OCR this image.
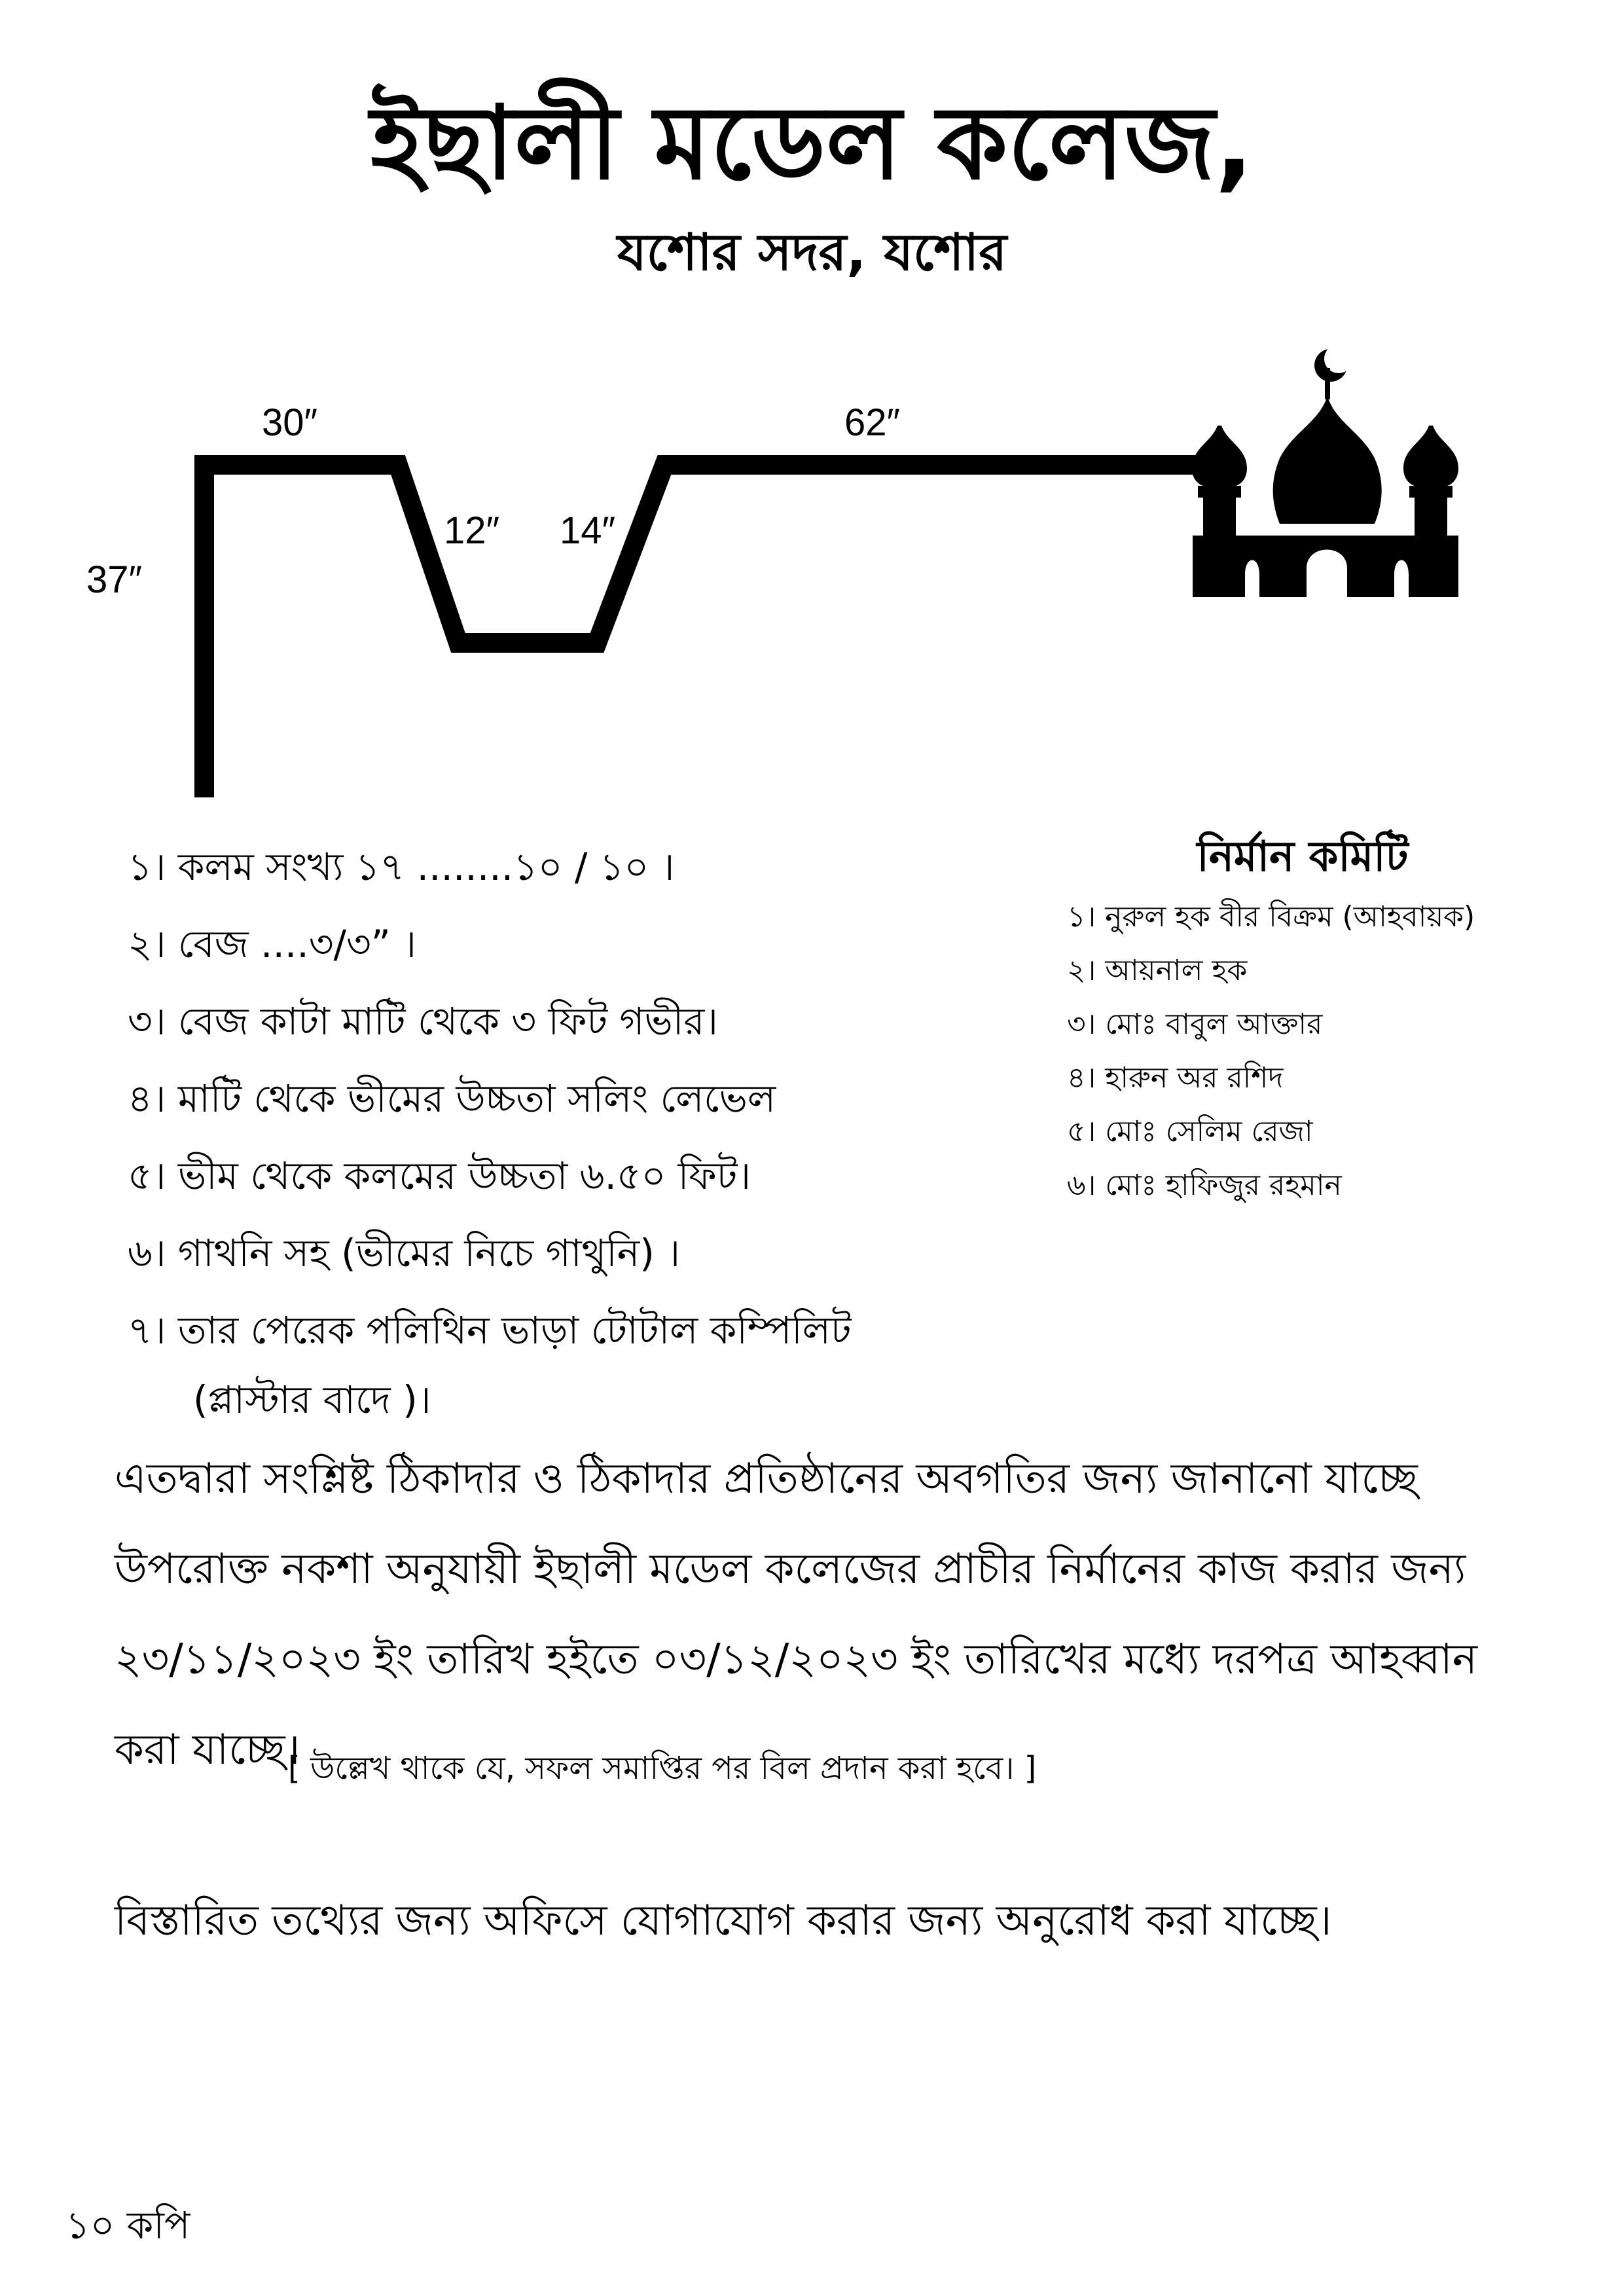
ইছালী মডেল কলেজ,
যশোর সদর, যশোর
37″
30″
12″ 14″
62″
১। কলম সংখ্য ১৭ ........১০ / ১০ ।
২। বেজ ....৩/৩” ।
৩। বেজ কাটা মাটি থেকে ৩ ফিট গভীর।
৪। মাটি থেকে ভীমের উচ্চতা সলিং লেভেল
৫। ভীম থেকে কলমের উচ্চতা ৬.৫০ ফিট।
৬। গাথনি সহ (ভীমের নিচে গাথুনি) ।
৭। তার পেরেক পলিথিন ভাড়া টোটাল কম্পিলিট
(প্লাস্টার বাদে )।
নির্মান কমিটি
১। নুরুল হক বীর বিক্রম (আহবায়ক)
২। আয়নাল হক
৩। মোঃ বাবুল আক্তার
৪। হারুন অর রশিদ
৫। মোঃ সেলিম রেজা
৬। মোঃ হাফিজুর রহমান

এতদ্বারা সংশ্লিষ্ট ঠিকাদার ও ঠিকাদার প্রতিষ্ঠানের অবগতির জন্য জানানো যাচ্ছে উপরোক্ত নকশা অনুযায়ী ইছালী মডেল কলেজের প্রাচীর নির্মানের কাজ করার জন্য ২৩/১১/২০২৩ ইং তারিখ হইতে ০৩/১২/২০২৩ ইং তারিখের মধ্যে দরপত্র আহব্বান করা যাচ্ছে।

[ উল্লেখ থাকে যে, সফল সমাপ্তির পর বিল প্রদান করা হবে। ]
বিস্তারিত তথ্যের জন্য অফিসে যোগাযোগ করার জন্য অনুরোধ করা যাচ্ছে।
১০ কপি
